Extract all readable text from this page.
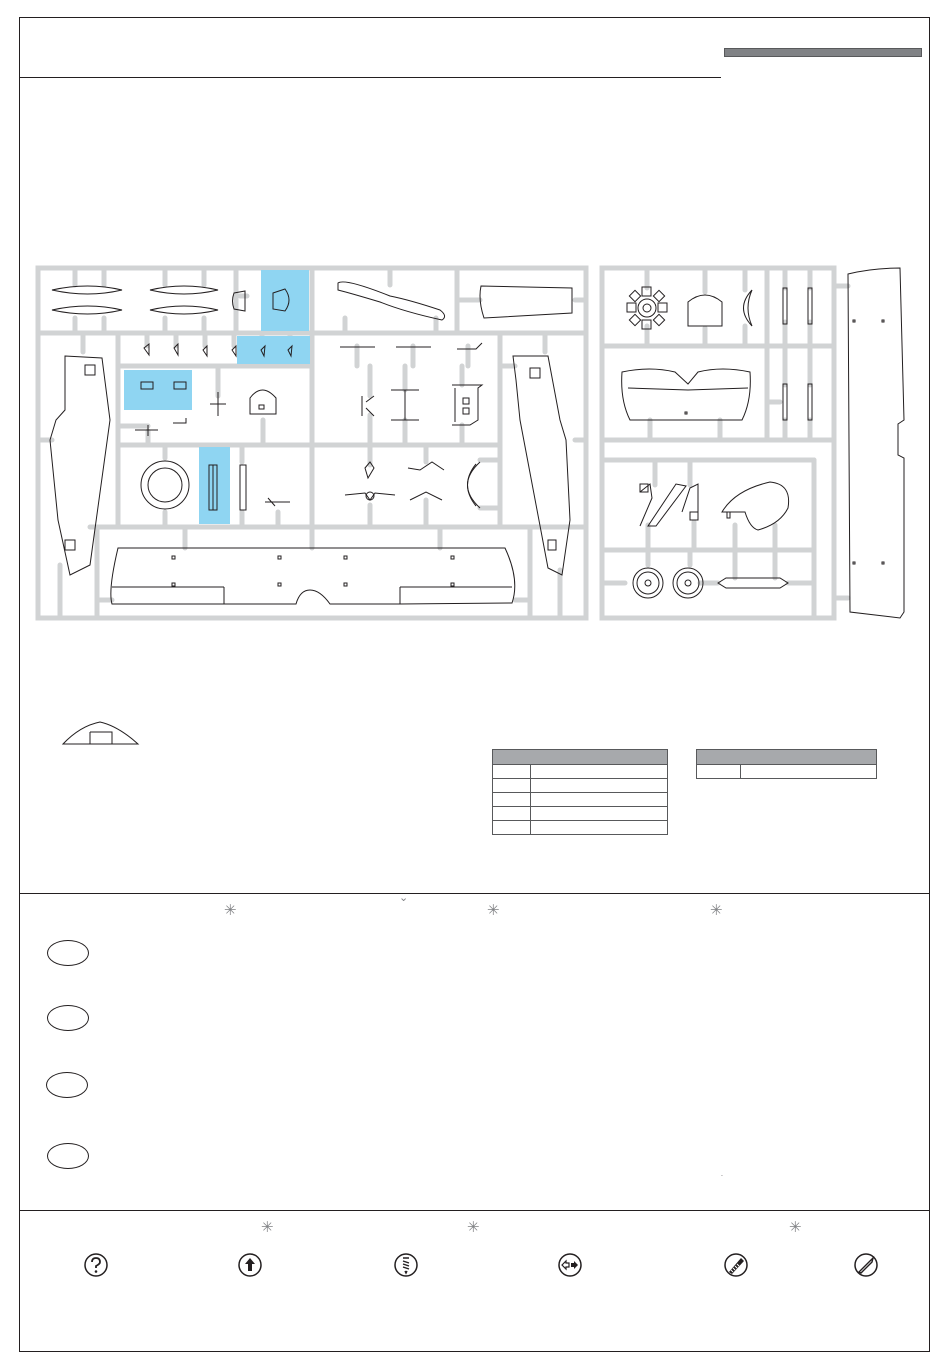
⌄
✳	✳	✳
˙
✳	✳	✳
